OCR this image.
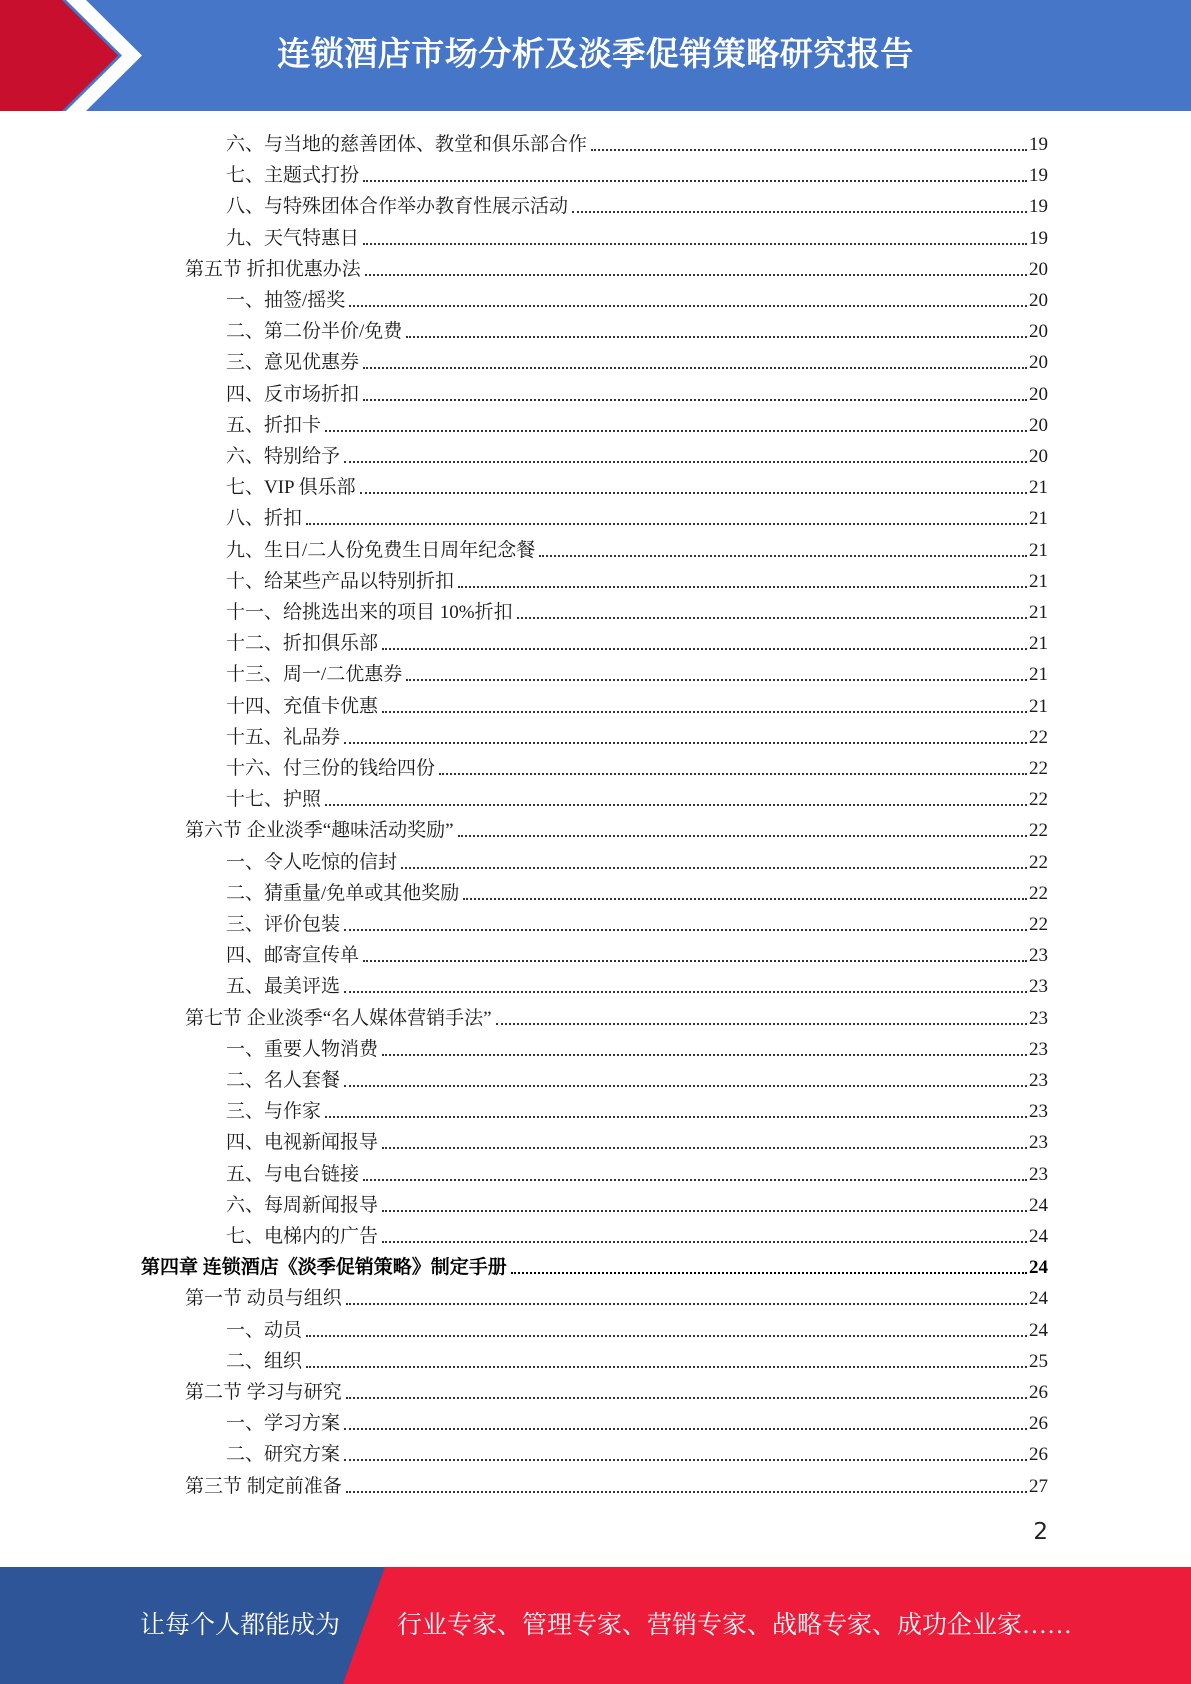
连锁酒店市场分析及淡季促销策略研究报告
六、与当地的慈善团体、教堂和俱乐部合作	19
七、主题式打扮	19
八、与特殊团体合作举办教育性展示活动	19
九、天气特惠日	19
第五节 折扣优惠办法	20
一、抽签/摇奖	20
二、第二份半价/免费	20
三、意见优惠券	20
四、反市场折扣	20
五、折扣卡	20
六、特别给予	20
七、VIP 俱乐部	21
八、折扣	21
九、生日/二人份免费生日周年纪念餐	21
十、给某些产品以特别折扣	21
十一、给挑选出来的项目 10%折扣	21
十二、折扣俱乐部	21
十三、周一/二优惠券	21
十四、充值卡优惠	21
十五、礼品券	22
十六、付三份的钱给四份	22
十七、护照	22
第六节 企业淡季“趣味活动奖励”	22
一、令人吃惊的信封	22
二、猜重量/免单或其他奖励	22
三、评价包装	22
四、邮寄宣传单	23
五、最美评选	23
第七节 企业淡季“名人媒体营销手法”	23
一、重要人物消费	23
二、名人套餐	23
三、与作家	23
四、电视新闻报导	23
五、与电台链接	23
六、每周新闻报导	24
七、电梯内的广告	24
第四章 连锁酒店《淡季促销策略》制定手册	24
第一节 动员与组织	24
一、动员	24
二、组织	25
第二节 学习与研究	26
一、学习方案	26
二、研究方案	26
第三节 制定前准备	27
2
让每个人都能成为 行业专家、管理专家、营销专家、战略专家、成功企业家……
